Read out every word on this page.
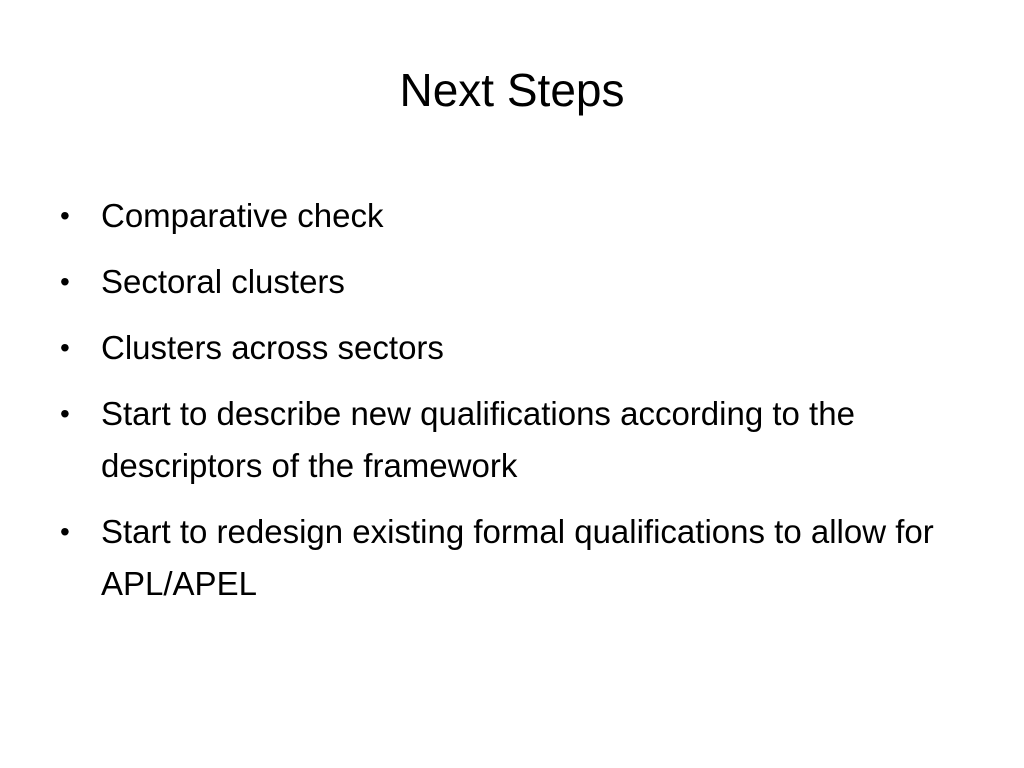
Next Steps
• Comparative check
• Sectoral clusters
• Clusters across sectors
• Start to describe new qualifications according to the descriptors of the framework
• Start to redesign existing formal qualifications to allow for APL/APEL
